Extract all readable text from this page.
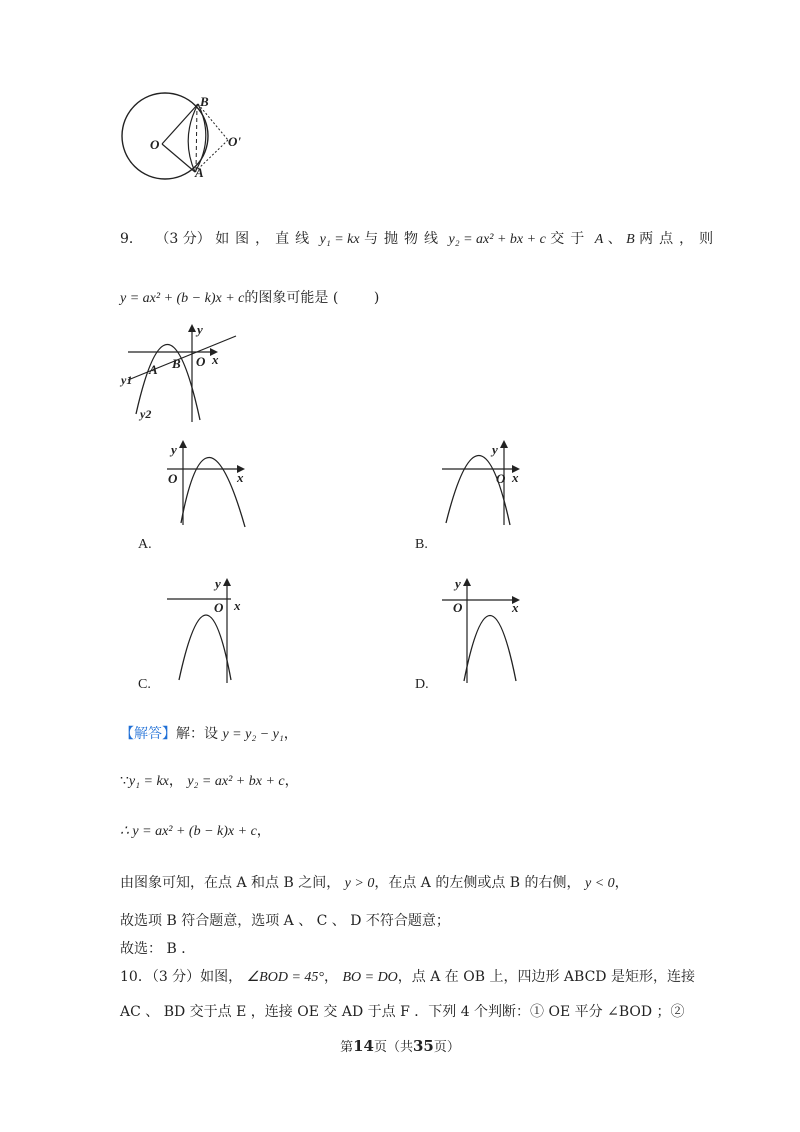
B
O	O'
A
9． （3 分） 如图，直线 y₁ = kx 与抛物线 y₂ = ax² + bx + c 交于 A 、 B 两点，则
y = ax² + (b − k)x + c的图象可能是 (        )
y
O x
A B
y1
y2
y
O	x
A.
y
O x
B.
y
O x
C.
y
O	x
D.
【解答】解：设 y = y₂ − y₁，
∵y₁ = kx， y₂ = ax² + bx + c，
∴ y = ax² + (b − k)x + c，
由图象可知，在点 A 和点 B 之间， y > 0，在点 A 的左侧或点 B 的右侧， y < 0，
故选项 B 符合题意，选项 A 、 C 、 D 不符合题意；
故选： B ．
10．（3 分）如图， ∠BOD = 45°， BO = DO，点 A 在 OB 上，四边形 ABCD 是矩形，连接
AC 、 BD 交于点 E ，连接 OE 交 AD 于点 F ．下列 4 个判断：① OE 平分 ∠BOD ；②
第14页（共35页）
